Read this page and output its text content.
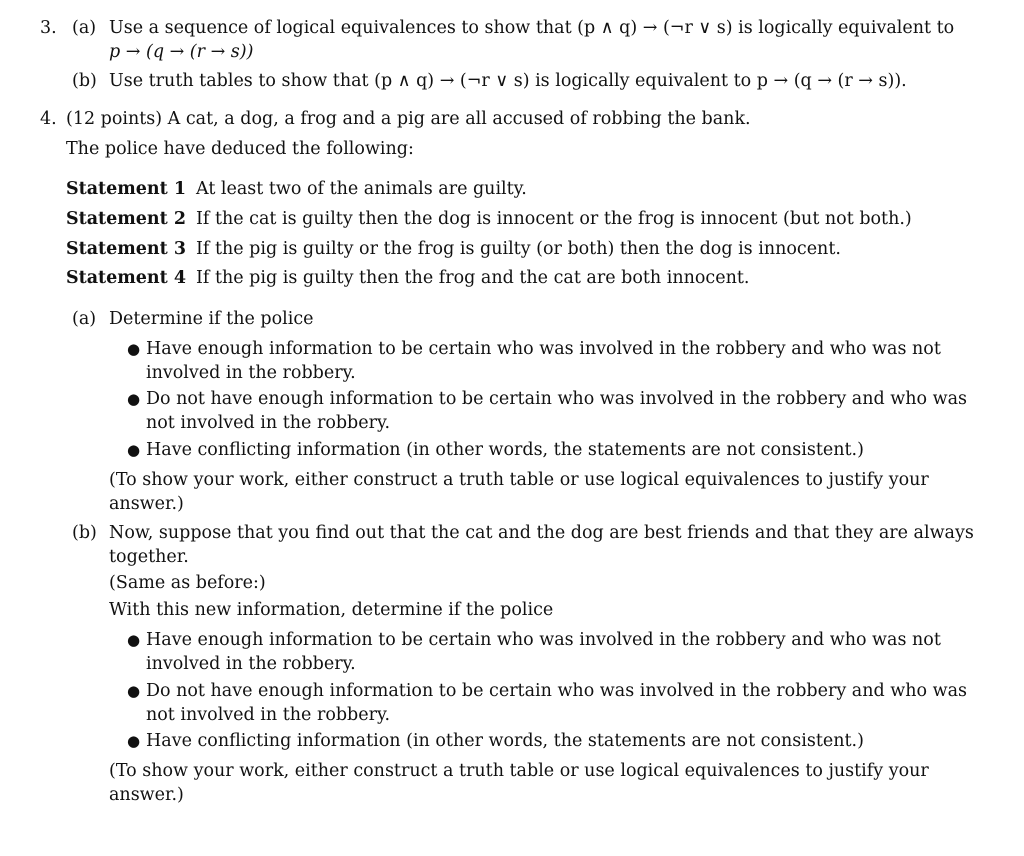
3. (a) Use a sequence of logical equivalences to show that (p ∧ q) → (¬r ∨ s) is logically equivalent to
p → (q → (r → s))
(b) Use truth tables to show that (p ∧ q) → (¬r ∨ s) is logically equivalent to p → (q → (r → s)).
4. (12 points) A cat, a dog, a frog and a pig are all accused of robbing the bank.
The police have deduced the following:
Statement 1 At least two of the animals are guilty.
Statement 2 If the cat is guilty then the dog is innocent or the frog is innocent (but not both.)
Statement 3 If the pig is guilty or the frog is guilty (or both) then the dog is innocent.
Statement 4 If the pig is guilty then the frog and the cat are both innocent.
(a) Determine if the police
● Have enough information to be certain who was involved in the robbery and who was not
involved in the robbery.
● Do not have enough information to be certain who was involved in the robbery and who was
not involved in the robbery.
● Have conflicting information (in other words, the statements are not consistent.)
(To show your work, either construct a truth table or use logical equivalences to justify your
answer.)
(b) Now, suppose that you find out that the cat and the dog are best friends and that they are always
together.
(Same as before:)
With this new information, determine if the police
● Have enough information to be certain who was involved in the robbery and who was not
involved in the robbery.
● Do not have enough information to be certain who was involved in the robbery and who was
not involved in the robbery.
● Have conflicting information (in other words, the statements are not consistent.)
(To show your work, either construct a truth table or use logical equivalences to justify your
answer.)
